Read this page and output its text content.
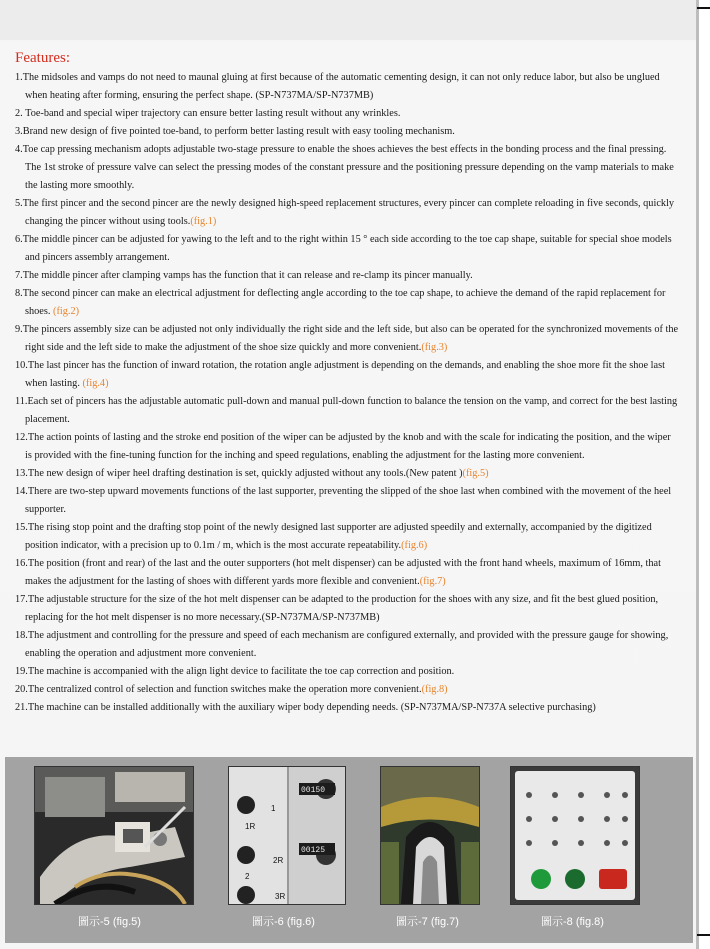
Features:
1.The midsoles and vamps do not need to maunal gluing at first because of the automatic cementing design, it can not only reduce labor, but also be unglued when heating after forming, ensuring the perfect shape. (SP-N737MA/SP-N737MB)
2. Toe-band and special wiper trajectory can ensure better lasting result without any wrinkles.
3.Brand new design of five pointed toe-band, to perform better lasting result with easy tooling mechanism.
4.Toe cap pressing mechanism adopts adjustable two-stage pressure to enable the shoes achieves the best effects in the bonding process and the final pressing. The 1st stroke of pressure valve can select the pressing modes of the constant pressure and the positioning pressure depending on the vamp materials to make the lasting more smoothly.
5.The first pincer and the second pincer are the newly designed high-speed replacement structures, every pincer can complete reloading in five seconds, quickly changing the pincer without using tools.(fig.1)
6.The middle pincer can be adjusted for yawing to the left and to the right within 15 ° each side according to the toe cap shape, suitable for special shoe models and pincers assembly arrangement.
7.The middle pincer after clamping vamps has the function that it can release and re-clamp its pincer manually.
8.The second pincer can make an electrical adjustment for deflecting angle according to the toe cap shape, to achieve the demand of the rapid replacement for shoes. (fig.2)
9.The pincers assembly size can be adjusted not only individually the right side and the left side, but also can be operated for the synchronized movements of the right side and the left side to make the adjustment of the shoe size quickly and more convenient.(fig.3)
10.The last pincer has the function of inward rotation, the rotation angle adjustment is depending on the demands, and enabling the shoe more fit the shoe last when lasting. (fig.4)
11.Each set of pincers has the adjustable automatic pull-down and manual pull-down function to balance the tension on the vamp, and correct for the best lasting placement.
12.The action points of lasting and the stroke end position of the wiper can be adjusted by the knob and with the scale for indicating the position, and the wiper is provided with the fine-tuning function for the inching and speed regulations, enabling the adjustment for the lasting more convenient.
13.The new design of wiper heel drafting destination is set, quickly adjusted without any tools.(New patent )(fig.5)
14.There are two-step upward movements functions of the last supporter, preventing the slipped of the shoe last when combined with the movement of the heel supporter.
15.The rising stop point and the drafting stop point of the newly designed last supporter are adjusted speedily and externally, accompanied by the digitized position indicator, with a precision up to 0.1m / m, which is the most accurate repeatability.(fig.6)
16.The position (front and rear) of the last and the outer supporters (hot melt dispenser) can be adjusted with the front hand wheels, maximum of 16mm, that makes the adjustment for the lasting of shoes with different yards more flexible and convenient.(fig.7)
17.The adjustable structure for the size of the hot melt dispenser can be adapted to the production for the shoes with any size, and fit the best glued position, replacing for the hot melt dispenser is no more necessary.(SP-N737MA/SP-N737MB)
18.The adjustment and controlling for the pressure and speed of each mechanism are configured externally, and provided with the pressure gauge for showing, enabling the operation and adjustment more convenient.
19.The machine is accompanied with the align light device to facilitate the toe cap correction and position.
20.The centralized control of selection and function switches make the operation more convenient.(fig.8)
21.The machine can be installed additionally with the auxiliary wiper body depending needs. (SP-N737MA/SP-N737A selective purchasing)
圖示-5 (fig.5)
1
2R
1R
2
3R
00150
00125
圖示-6 (fig.6)	圖示-7 (fig.7)	圖示-8 (fig.8)
